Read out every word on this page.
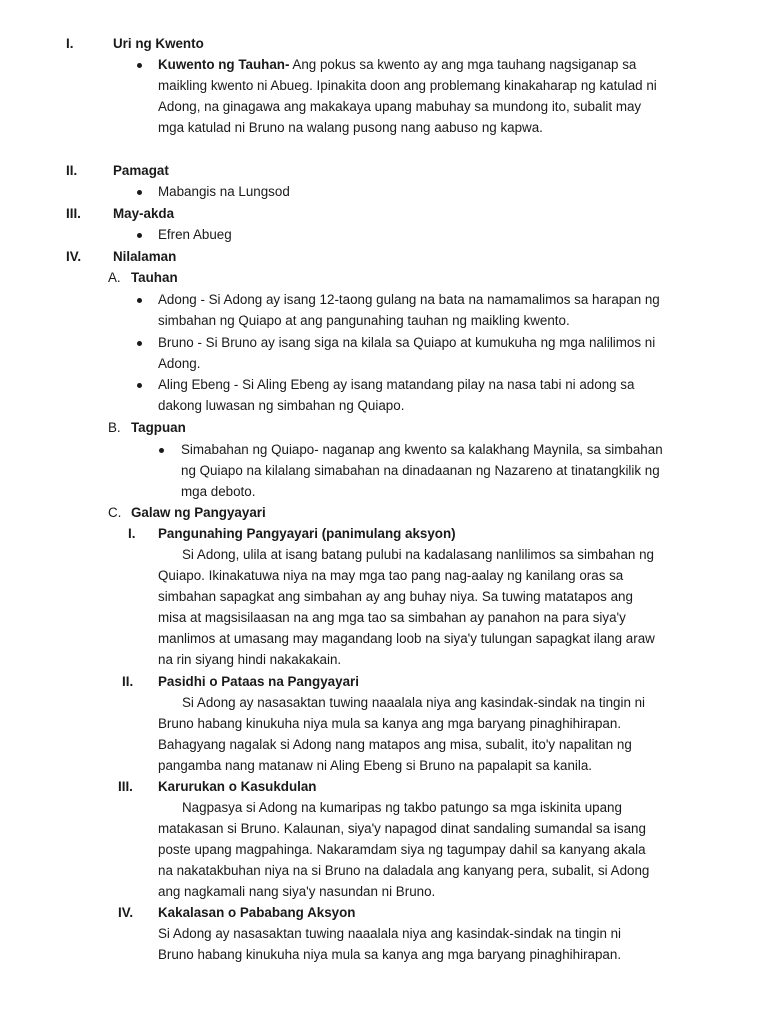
I.	Uri ng Kwento
Kuwento ng Tauhan- Ang pokus sa kwento ay ang mga tauhang nagsiganap sa
maikling kwento ni Abueg. Ipinakita doon ang problemang kinakaharap ng katulad ni
Adong, na ginagawa ang makakaya upang mabuhay sa mundong ito, subalit may
mga katulad ni Bruno na walang pusong nang aabuso ng kapwa.
II.	Pamagat
Mabangis na Lungsod
III. May-akda
Efren Abueg
IV. Nilalaman
A. Tauhan
Adong - Si Adong ay isang 12-taong gulang na bata na namamalimos sa harapan ng
simbahan ng Quiapo at ang pangunahing tauhan ng maikling kwento.
Bruno - Si Bruno ay isang siga na kilala sa Quiapo at kumukuha ng mga nalilimos ni
Adong.
Aling Ebeng - Si Aling Ebeng ay isang matandang pilay na nasa tabi ni adong sa
dakong luwasan ng simbahan ng Quiapo.
B. Tagpuan
Simabahan ng Quiapo- naganap ang kwento sa kalakhang Maynila, sa simbahan
ng Quiapo na kilalang simabahan na dinadaanan ng Nazareno at tinatangkilik ng
mga deboto.
C. Galaw ng Pangyayari
I. Pangunahing Pangyayari (panimulang aksyon)
Si Adong, ulila at isang batang pulubi na kadalasang nanlilimos sa simbahan ng
Quiapo. Ikinakatuwa niya na may mga tao pang nag-aalay ng kanilang oras sa
simbahan sapagkat ang simbahan ay ang buhay niya. Sa tuwing matatapos ang
misa at magsisilaasan na ang mga tao sa simbahan ay panahon na para siya'y
manlimos at umasang may magandang loob na siya'y tulungan sapagkat ilang araw
na rin siyang hindi nakakakain.
II. Pasidhi o Pataas na Pangyayari
Si Adong ay nasasaktan tuwing naaalala niya ang kasindak-sindak na tingin ni
Bruno habang kinukuha niya mula sa kanya ang mga baryang pinaghihirapan.
Bahagyang nagalak si Adong nang matapos ang misa, subalit, ito'y napalitan ng
pangamba nang matanaw ni Aling Ebeng si Bruno na papalapit sa kanila.
III. Karurukan o Kasukdulan
Nagpasya si Adong na kumaripas ng takbo patungo sa mga iskinita upang
matakasan si Bruno. Kalaunan, siya'y napagod dinat sandaling sumandal sa isang
poste upang magpahinga. Nakaramdam siya ng tagumpay dahil sa kanyang akala
na nakatakbuhan niya na si Bruno na daladala ang kanyang pera, subalit, si Adong
ang nagkamali nang siya'y nasundan ni Bruno.
IV. Kakalasan o Pababang Aksyon
Si Adong ay nasasaktan tuwing naaalala niya ang kasindak-sindak na tingin ni
Bruno habang kinukuha niya mula sa kanya ang mga baryang pinaghihirapan.
